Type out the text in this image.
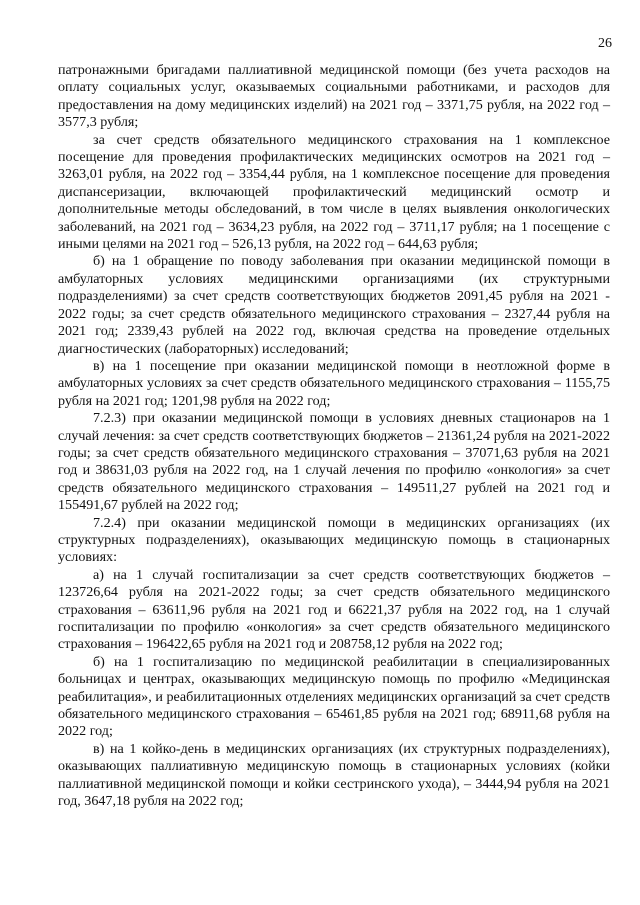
26

патронажными бригадами паллиативной медицинской помощи (без учета расходов на оплату социальных услуг, оказываемых социальными работниками, и расходов для предоставления на дому медицинских изделий) на 2021 год – 3371,75 рубля, на 2022 год – 3577,3 рубля;

за счет средств обязательного медицинского страхования на 1 комплексное посещение для проведения профилактических медицинских осмотров на 2021 год – 3263,01 рубля, на 2022 год – 3354,44 рубля, на 1 комплексное посещение для проведения диспансеризации, включающей профилактический медицинский осмотр и дополнительные методы обследований, в том числе в целях выявления онкологических заболеваний, на 2021 год – 3634,23 рубля, на 2022 год – 3711,17 рубля; на 1 посещение с иными целями на 2021 год – 526,13 рубля, на 2022 год – 644,63 рубля;

б) на 1 обращение по поводу заболевания при оказании медицинской помощи в амбулаторных условиях медицинскими организациями (их структурными подразделениями) за счет средств соответствующих бюджетов 2091,45 рубля на 2021 - 2022 годы; за счет средств обязательного медицинского страхования – 2327,44 рубля на 2021 год; 2339,43 рублей на 2022 год, включая средства на проведение отдельных диагностических (лабораторных) исследований;

в) на 1 посещение при оказании медицинской помощи в неотложной форме в амбулаторных условиях за счет средств обязательного медицинского страхования – 1155,75 рубля на 2021 год; 1201,98 рубля на 2022 год;

7.2.3) при оказании медицинской помощи в условиях дневных стационаров на 1 случай лечения: за счет средств соответствующих бюджетов – 21361,24 рубля на 2021-2022 годы; за счет средств обязательного медицинского страхования – 37071,63 рубля на 2021 год и 38631,03 рубля на 2022 год, на 1 случай лечения по профилю «онкология» за счет средств обязательного медицинского страхования – 149511,27 рублей на 2021 год и 155491,67 рублей на 2022 год;

7.2.4) при оказании медицинской помощи в медицинских организациях (их структурных подразделениях), оказывающих медицинскую помощь в стационарных условиях:

а) на 1 случай госпитализации за счет средств соответствующих бюджетов – 123726,64 рубля на 2021-2022 годы; за счет средств обязательного медицинского страхования – 63611,96 рубля на 2021 год и 66221,37 рубля на 2022 год, на 1 случай госпитализации по профилю «онкология» за счет средств обязательного медицинского страхования – 196422,65 рубля на 2021 год и 208758,12 рубля на 2022 год;

б) на 1 госпитализацию по медицинской реабилитации в специализированных больницах и центрах, оказывающих медицинскую помощь по профилю «Медицинская реабилитация», и реабилитационных отделениях медицинских организаций за счет средств обязательного медицинского страхования – 65461,85 рубля на 2021 год; 68911,68 рубля на 2022 год;

в) на 1 койко-день в медицинских организациях (их структурных подразделениях), оказывающих паллиативную медицинскую помощь в стационарных условиях (койки паллиативной медицинской помощи и койки сестринского ухода), – 3444,94 рубля на 2021 год, 3647,18 рубля на 2022 год;
